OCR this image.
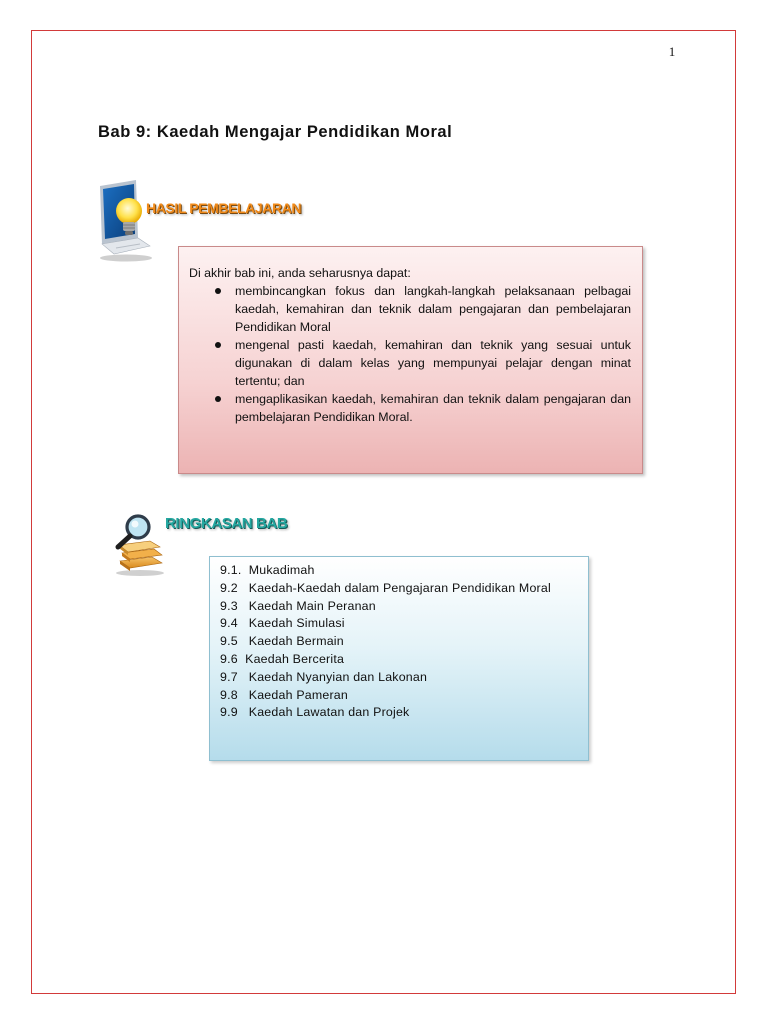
1
Bab 9: Kaedah Mengajar Pendidikan Moral
HASIL PEMBELAJARAN

Di akhir bab ini, anda seharusnya dapat:

membincangkan fokus dan langkah-langkah pelaksanaan pelbagai kaedah, kemahiran dan teknik dalam pengajaran dan pembelajaran Pendidikan Moral
mengenal pasti kaedah, kemahiran dan teknik yang sesuai untuk digunakan di dalam kelas yang mempunyai pelajar dengan minat tertentu; dan
mengaplikasikan kaedah, kemahiran dan teknik dalam pengajaran dan pembelajaran Pendidikan Moral.
RINGKASAN BAB
9.1.  Mukadimah
9.2   Kaedah-Kaedah dalam Pengajaran Pendidikan Moral
9.3   Kaedah Main Peranan
9.4   Kaedah Simulasi
9.5   Kaedah Bermain
9.6  Kaedah Bercerita
9.7   Kaedah Nyanyian dan Lakonan
9.8   Kaedah Pameran
9.9   Kaedah Lawatan dan Projek
